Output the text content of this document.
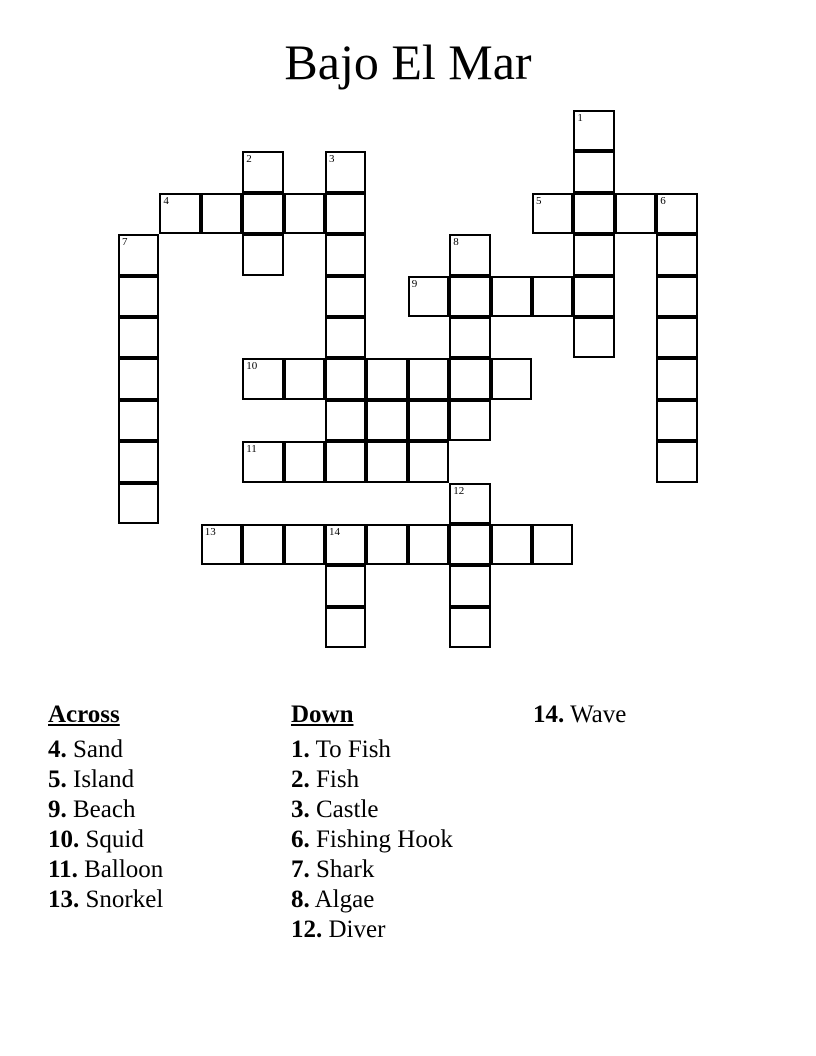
Bajo El Mar
1
2	3
4	5	6
7	8
9
10
11
12
13	14
Across
4. Sand
5. Island
9. Beach
10. Squid
11. Balloon
13. Snorkel
Down
1. To Fish
2. Fish
3. Castle
6. Fishing Hook
7. Shark
8. Algae
12. Diver
14. Wave
